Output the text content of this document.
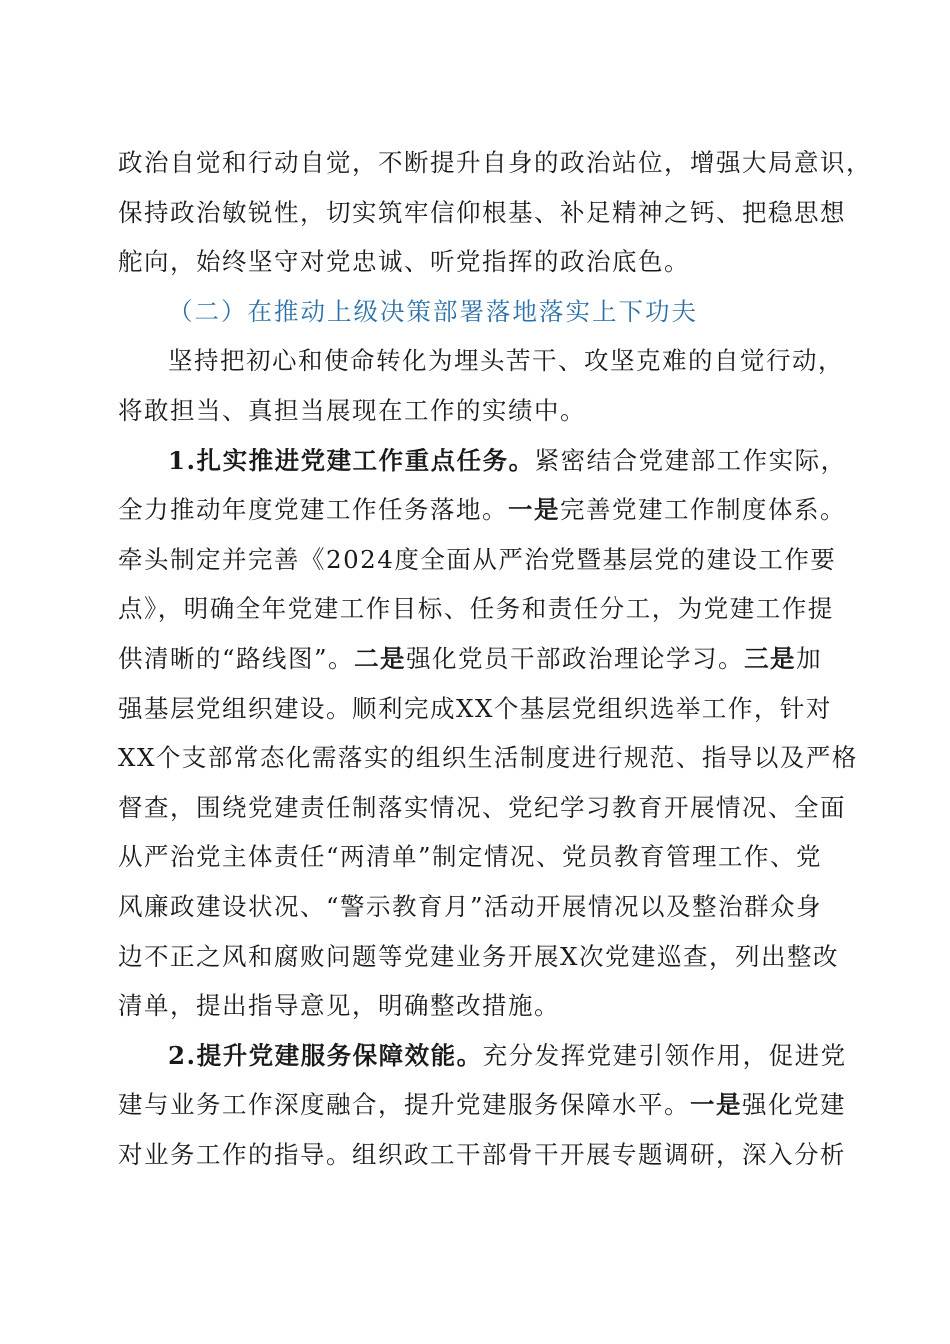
政治自觉和行动自觉，不断提升自身的政治站位，增强大局意识，
保持政治敏锐性，切实筑牢信仰根基、补足精神之钙、把稳思想
舵向，始终坚守对党忠诚、听党指挥的政治底色。
（二）在推动上级决策部署落地落实上下功夫
坚持把初心和使命转化为埋头苦干、攻坚克难的自觉行动，
将敢担当、真担当展现在工作的实绩中。
1.扎实推进党建工作重点任务。紧密结合党建部工作实际，
全力推动年度党建工作任务落地。一是完善党建工作制度体系。
牵头制定并完善《2024度全面从严治党暨基层党的建设工作要
点》，明确全年党建工作目标、任务和责任分工，为党建工作提
供清晰的“路线图”。二是强化党员干部政治理论学习。三是加
强基层党组织建设。顺利完成XX个基层党组织选举工作，针对
XX个支部常态化需落实的组织生活制度进行规范、指导以及严格
督查，围绕党建责任制落实情况、党纪学习教育开展情况、全面
从严治党主体责任“两清单”制定情况、党员教育管理工作、党
风廉政建设状况、“警示教育月”活动开展情况以及整治群众身
边不正之风和腐败问题等党建业务开展X次党建巡查，列出整改
清单，提出指导意见，明确整改措施。
2.提升党建服务保障效能。充分发挥党建引领作用，促进党
建与业务工作深度融合，提升党建服务保障水平。一是强化党建
对业务工作的指导。组织政工干部骨干开展专题调研，深入分析
